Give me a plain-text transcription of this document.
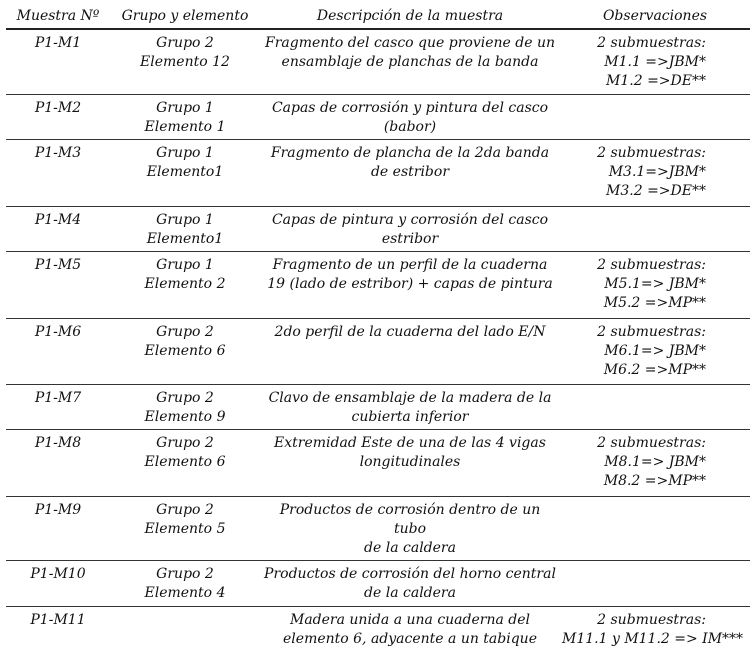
Muestra Nº	Grupo y elemento	Descripción de la muestra	Observaciones
P1-M1	Grupo 2
Elemento 12	Fragmento del casco que proviene de un
ensamblaje de planchas de la banda	2 submuestras:
M1.1 =>JBM*
M1.2 =>DE**

P1-M2	Grupo 1
Elemento 1	Capas de corrosión y pintura del casco
(babor)	

P1-M3	Grupo 1
Elemento1	Fragmento de plancha de la 2da banda
de estribor	2 submuestras:
M3.1=>JBM*
M3.2 =>DE**

P1-M4	Grupo 1
Elemento1	Capas de pintura y corrosión del casco
estribor	

P1-M5	Grupo 1
Elemento 2	Fragmento de un perfil de la cuaderna
19 (lado de estribor) + capas de pintura	2 submuestras:
M5.1=> JBM*
M5.2 =>MP**

P1-M6	Grupo 2
Elemento 6	2do perfil de la cuaderna del lado E/N	2 submuestras:
M6.1=> JBM*
M6.2 =>MP**

P1-M7	Grupo 2
Elemento 9	Clavo de ensamblaje de la madera de la
cubierta inferior	

P1-M8	Grupo 2
Elemento 6	Extremidad Este de una de las 4 vigas
longitudinales	2 submuestras:
M8.1=> JBM*
M8.2 =>MP**

P1-M9	Grupo 2
Elemento 5	Productos de corrosión dentro de un tubo
de la caldera	

P1-M10	Grupo 2
Elemento 4	Productos de corrosión del horno central
de la caldera	

P1-M11		Madera unida a una cuaderna del
elemento 6, adyacente a un tabique	2 submuestras:
M11.1 y M11.2 => IM***
